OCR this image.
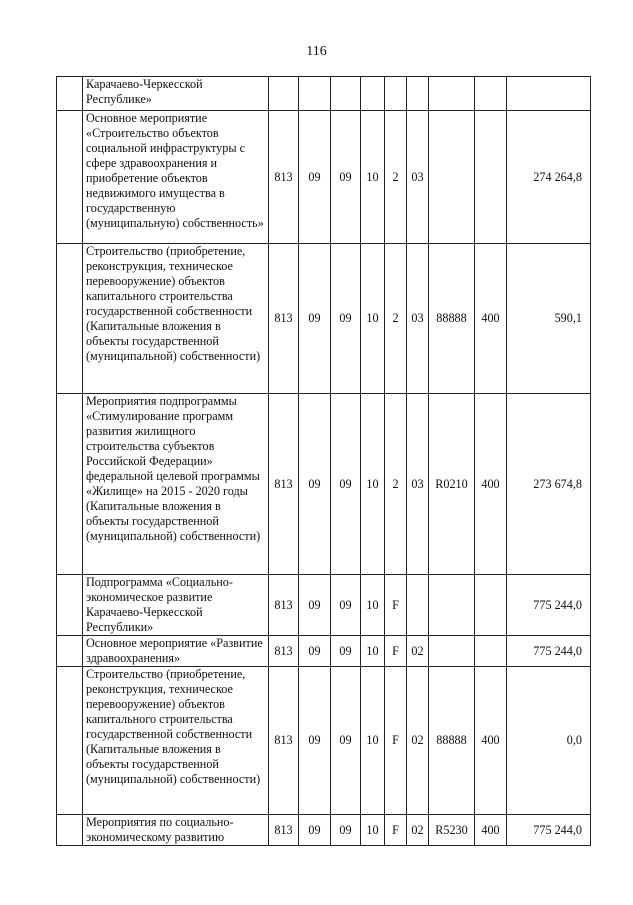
116
	Карачаево-Черкесской Республике»									
	Основное мероприятие «Строительство объектов социальной инфраструктуры с сфере здравоохранения и приобретение объектов недвижимого имущества в государственную (муниципальную) собственность»	813	09	09	10	2	03			274 264,8
	Строительство (приобретение, реконструкция, техническое перевооружение) объектов капитального строительства государственной собственности (Капитальные вложения в объекты государственной (муниципальной) собственности)	813	09	09	10	2	03	88888	400	590,1
	Мероприятия подпрограммы «Стимулирование программ развития жилищного строительства субъектов Российской Федерации» федеральной целевой программы «Жилище» на 2015 - 2020 годы (Капитальные вложения в объекты государственной (муниципальной) собственности)	813	09	09	10	2	03	R0210	400	273 674,8
	Подпрограмма «Социально-экономическое развитие Карачаево-Черкесской Республики»	813	09	09	10	F				775 244,0
	Основное мероприятие «Развитие здравоохранения»	813	09	09	10	F	02			775 244,0
	Строительство (приобретение, реконструкция, техническое перевооружение) объектов капитального строительства государственной собственности (Капитальные вложения в объекты государственной (муниципальной) собственности)	813	09	09	10	F	02	88888	400	0,0
	Мероприятия по социально-экономическому развитию	813	09	09	10	F	02	R5230	400	775 244,0
